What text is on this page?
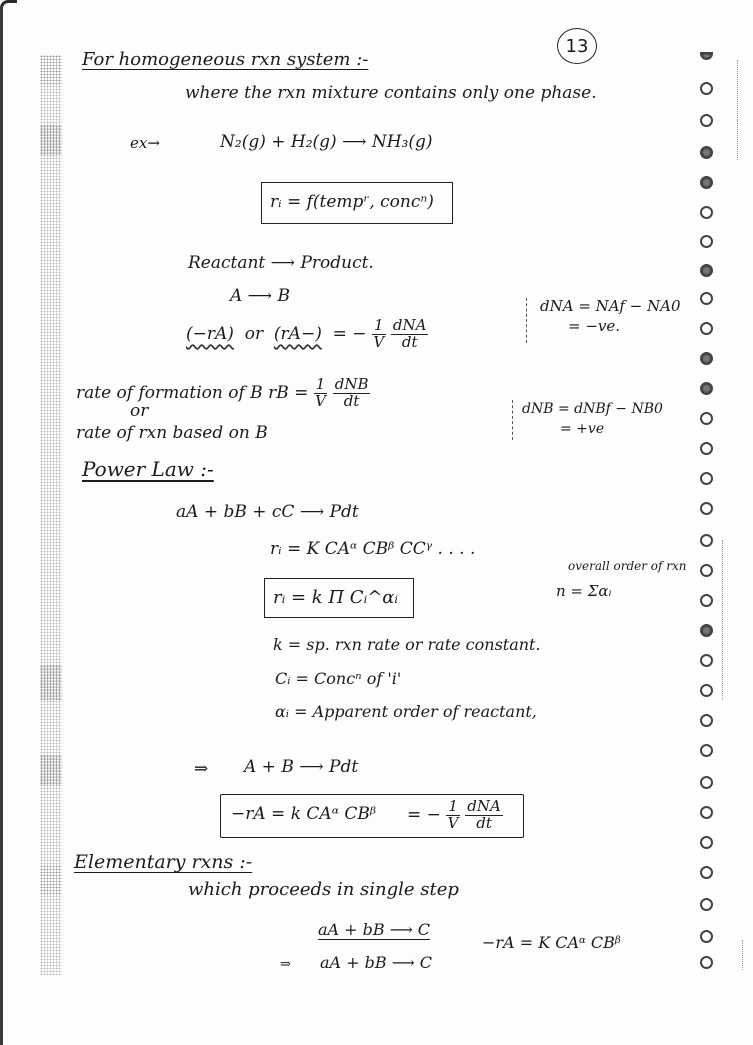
13
For homogeneous rxn system :-
where the rxn mixture contains only one phase.
ex→	N₂(g) + H₂(g) ⟶ NH₃(g)
rᵢ = f(tempʳ, concⁿ)
Reactant ⟶ Product.
A ⟶ B
(−rA) or (rA−) = − $\frac{1}{V}$
$\frac{\text{dNA}}{dt}$
dNA = NAf − NA0
= −ve.
rate of formation of B rB = $\frac{1}{V}$
$\frac{\text{dNB}}{dt}$
or
rate of rxn based on B
dNB = dNBf − NB0
= +ve
Power Law :-
aA + bB + cC ⟶ Pdt
rᵢ = K CAᵅ CBᵝ CCᵞ . . . .
rᵢ = k Π Cᵢ^αᵢ
overall order of rxn
n = Σαᵢ
k = sp. rxn rate or rate constant.
Cᵢ = Concⁿ of 'i'
αᵢ = Apparent order of reactant,
⇒ A + B ⟶ Pdt
−rA = k CAᵅ CBᵝ = − $\frac{1}{V}$
$\frac{\text{dNA}}{dt}$
Elementary rxns :-
which proceeds in single step
aA + bB ⟶ C
⇒ aA + bB ⟶ C
−rA = K CAᵅ CBᵝ
